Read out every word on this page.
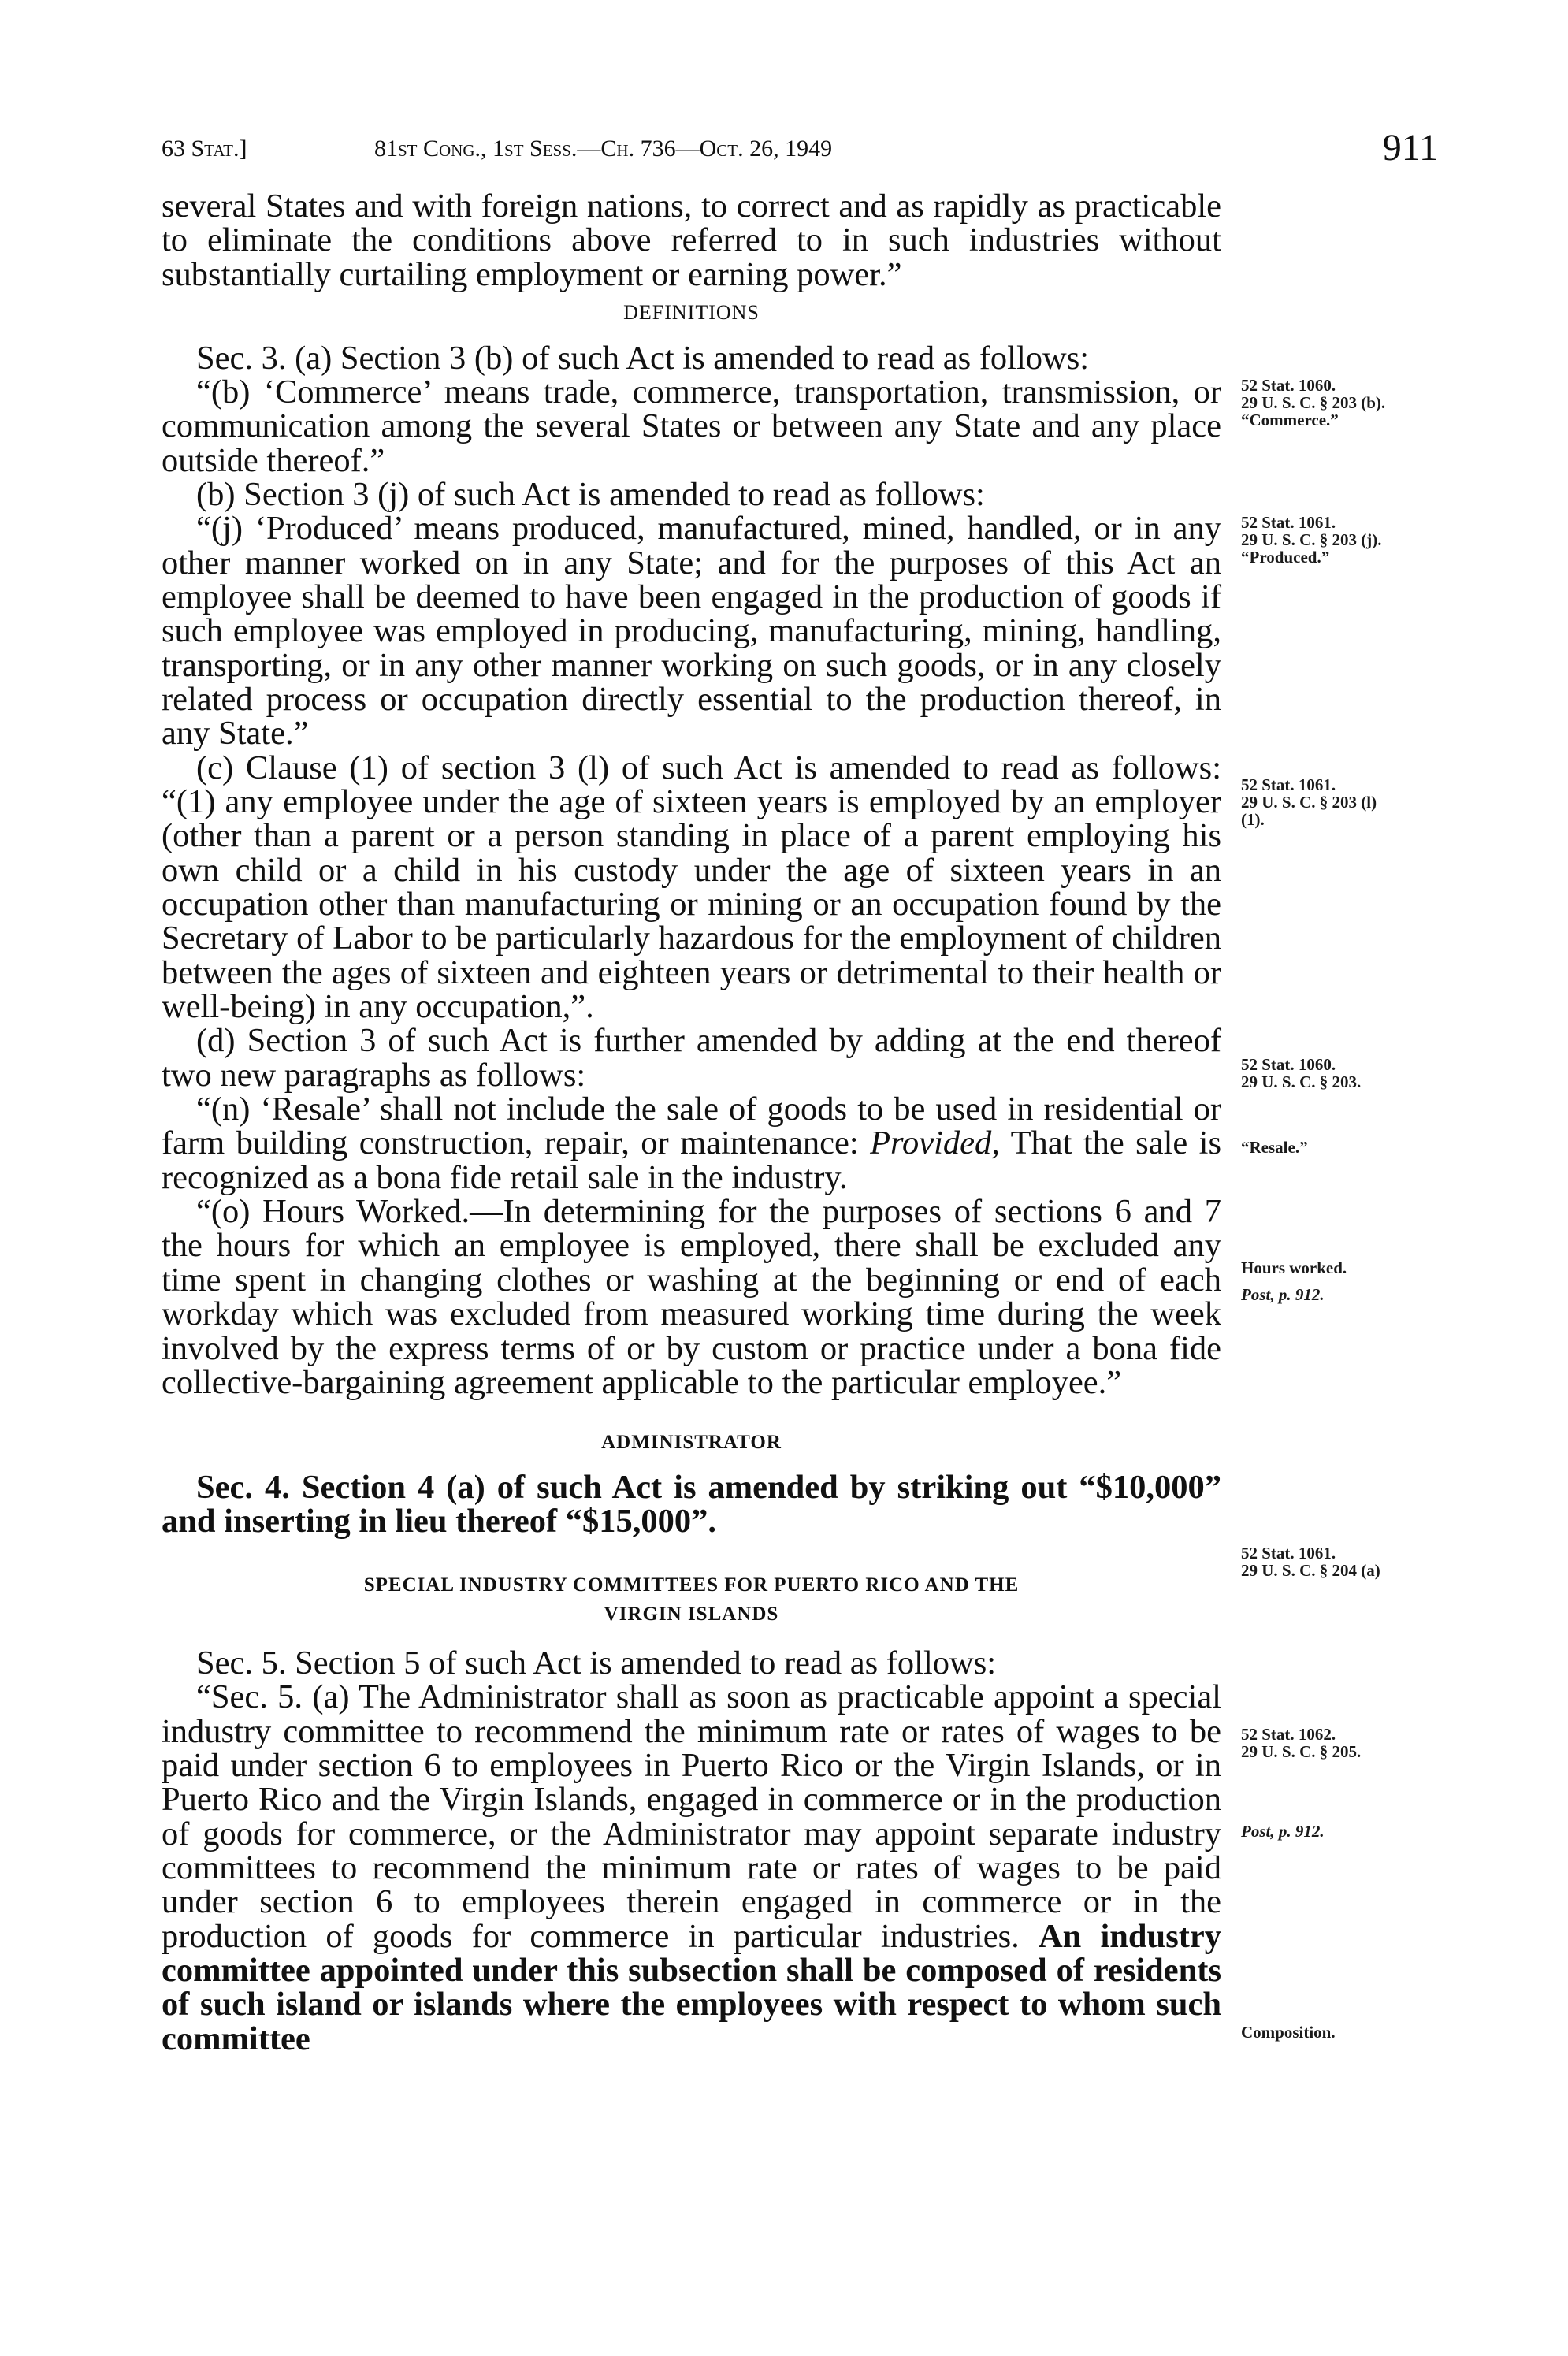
63 Stat.]	81st Cong., 1st Sess.—Ch. 736—Oct. 26, 1949	911

several States and with foreign nations, to correct and as rapidly as practicable to eliminate the conditions above referred to in such industries without substantially curtailing employment or earning power.”

DEFINITIONS

Sec. 3. (a) Section 3 (b) of such Act is amended to read as follows:

“(b) ‘Commerce’ means trade, commerce, transportation, transmission, or communication among the several States or between any State and any place outside thereof.”

(b) Section 3 (j) of such Act is amended to read as follows:

“(j) ‘Produced’ means produced, manufactured, mined, handled, or in any other manner worked on in any State; and for the purposes of this Act an employee shall be deemed to have been engaged in the production of goods if such employee was employed in producing, manufacturing, mining, handling, transporting, or in any other manner working on such goods, or in any closely related process or occupation directly essential to the production thereof, in any State.”

(c) Clause (1) of section 3 (l) of such Act is amended to read as follows: “(1) any employee under the age of sixteen years is employed by an employer (other than a parent or a person standing in place of a parent employing his own child or a child in his custody under the age of sixteen years in an occupation other than manufacturing or mining or an occupation found by the Secretary of Labor to be particularly hazardous for the employment of children between the ages of sixteen and eighteen years or detrimental to their health or well-being) in any occupation,”.

(d) Section 3 of such Act is further amended by adding at the end thereof two new paragraphs as follows:

“(n) ‘Resale’ shall not include the sale of goods to be used in residential or farm building construction, repair, or maintenance: Provided, That the sale is recognized as a bona fide retail sale in the industry.

“(o) Hours Worked.—In determining for the purposes of sections 6 and 7 the hours for which an employee is employed, there shall be excluded any time spent in changing clothes or washing at the beginning or end of each workday which was excluded from measured working time during the week involved by the express terms of or by custom or practice under a bona fide collective-bargaining agreement applicable to the particular employee.”

ADMINISTRATOR

Sec. 4. Section 4 (a) of such Act is amended by striking out “$10,000” and inserting in lieu thereof “$15,000”.

SPECIAL INDUSTRY COMMITTEES FOR PUERTO RICO AND THE
VIRGIN ISLANDS

Sec. 5. Section 5 of such Act is amended to read as follows:

“Sec. 5. (a) The Administrator shall as soon as practicable appoint a special industry committee to recommend the minimum rate or rates of wages to be paid under section 6 to employees in Puerto Rico or the Virgin Islands, or in Puerto Rico and the Virgin Islands, engaged in commerce or in the production of goods for commerce, or the Administrator may appoint separate industry committees to recommend the minimum rate or rates of wages to be paid under section 6 to employees therein engaged in commerce or in the production of goods for commerce in particular industries. An industry committee appointed under this subsection shall be composed of residents of such island or islands where the employees with respect to whom such committee

52 Stat. 1060.
29 U. S. C. § 203 (b).
“Commerce.”
52 Stat. 1061.
29 U. S. C. § 203 (j).
“Produced.”
52 Stat. 1061.
29 U. S. C. § 203 (l)
(1).
52 Stat. 1060.
29 U. S. C. § 203.
“Resale.”
Hours worked.
Post, p. 912.
52 Stat. 1061.
29 U. S. C. § 204 (a)
52 Stat. 1062.
29 U. S. C. § 205.
Post, p. 912.
Composition.
